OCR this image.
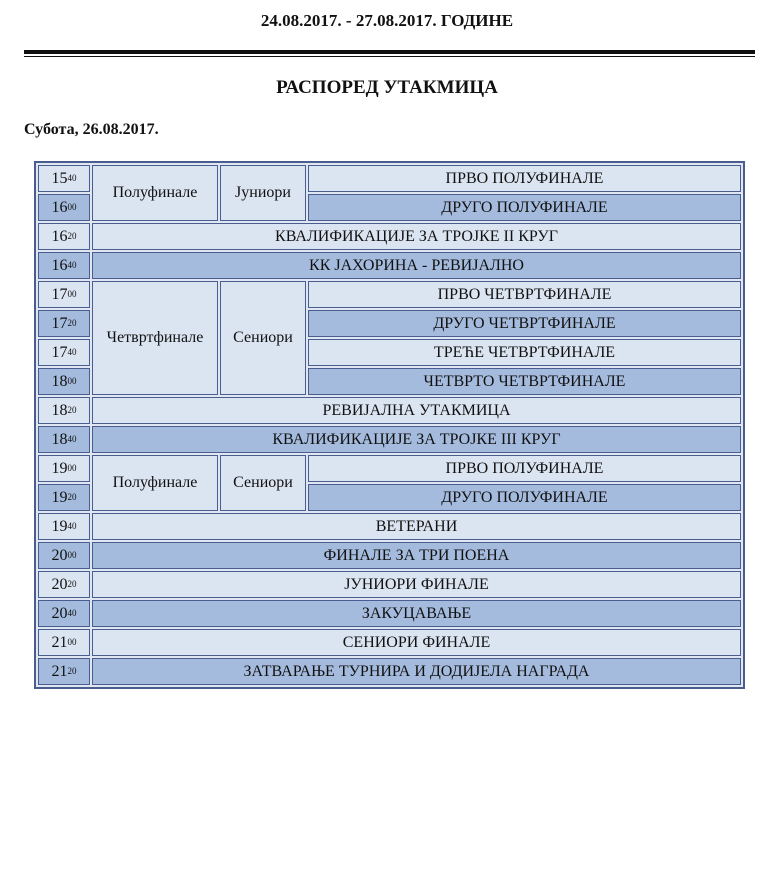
24.08.2017. - 27.08.2017. ГОДИНЕ
РАСПОРЕД УТАКМИЦА
Субота, 26.08.2017.
$15^{40}$	Полуфинале	Јуниори	ПРВО ПОЛУФИНАЛЕ
$16^{00}$			ДРУГО ПОЛУФИНАЛЕ
$16^{20}$	КВАЛИФИКАЦИЈЕ ЗА ТРОЈКЕ II КРУГ		
$16^{40}$	КК ЈАХОРИНА - РЕВИЈАЛНО		
$17^{00}$	Четвртфинале	Сениори	ПРВО ЧЕТВРТФИНАЛЕ
$17^{20}$			ДРУГО ЧЕТВРТФИНАЛЕ
$17^{40}$			ТРЕЋЕ ЧЕТВРТФИНАЛЕ
$18^{00}$			ЧЕТВРТО ЧЕТВРТФИНАЛЕ
$18^{20}$	РЕВИЈАЛНА УТАКМИЦА		
$18^{40}$	КВАЛИФИКАЦИЈЕ ЗА ТРОЈКЕ III КРУГ		
$19^{00}$	Полуфинале	Сениори	ПРВО ПОЛУФИНАЛЕ
$19^{20}$			ДРУГО ПОЛУФИНАЛЕ
$19^{40}$	ВЕТЕРАНИ		
$20^{00}$	ФИНАЛЕ ЗА ТРИ ПОЕНА		
$20^{20}$	ЈУНИОРИ ФИНАЛЕ		
$20^{40}$	ЗАКУЦАВАЊЕ		
$21^{00}$	СЕНИОРИ ФИНАЛЕ		
$21^{20}$	ЗАТВАРАЊЕ ТУРНИРА И ДОДИЈЕЛА НАГРАДА		
